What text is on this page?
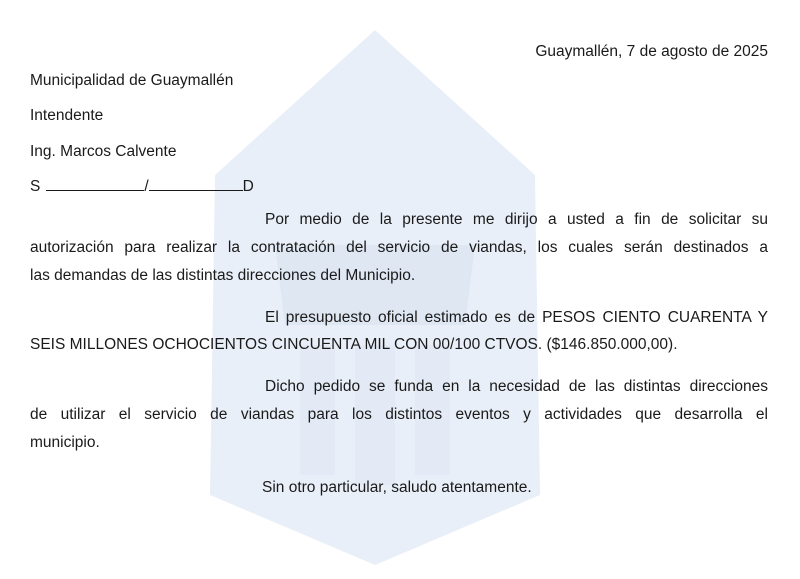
Guaymallén, 7 de agosto de 2025
Municipalidad de Guaymallén
Intendente
Ing. Marcos Calvente
S	/	D
Por medio de la presente me dirijo a usted a fin de solicitar su
autorización para realizar la contratación del servicio de viandas, los cuales serán destinados a
las demandas de las distintas direcciones del Municipio.
El presupuesto oficial estimado es de PESOS CIENTO CUARENTA Y
SEIS MILLONES OCHOCIENTOS CINCUENTA MIL CON 00/100 CTVOS. ($146.850.000,00).
Dicho pedido se funda en la necesidad de las distintas direcciones
de utilizar el servicio de viandas para los distintos eventos y actividades que desarrolla el
municipio.
Sin otro particular, saludo atentamente.
